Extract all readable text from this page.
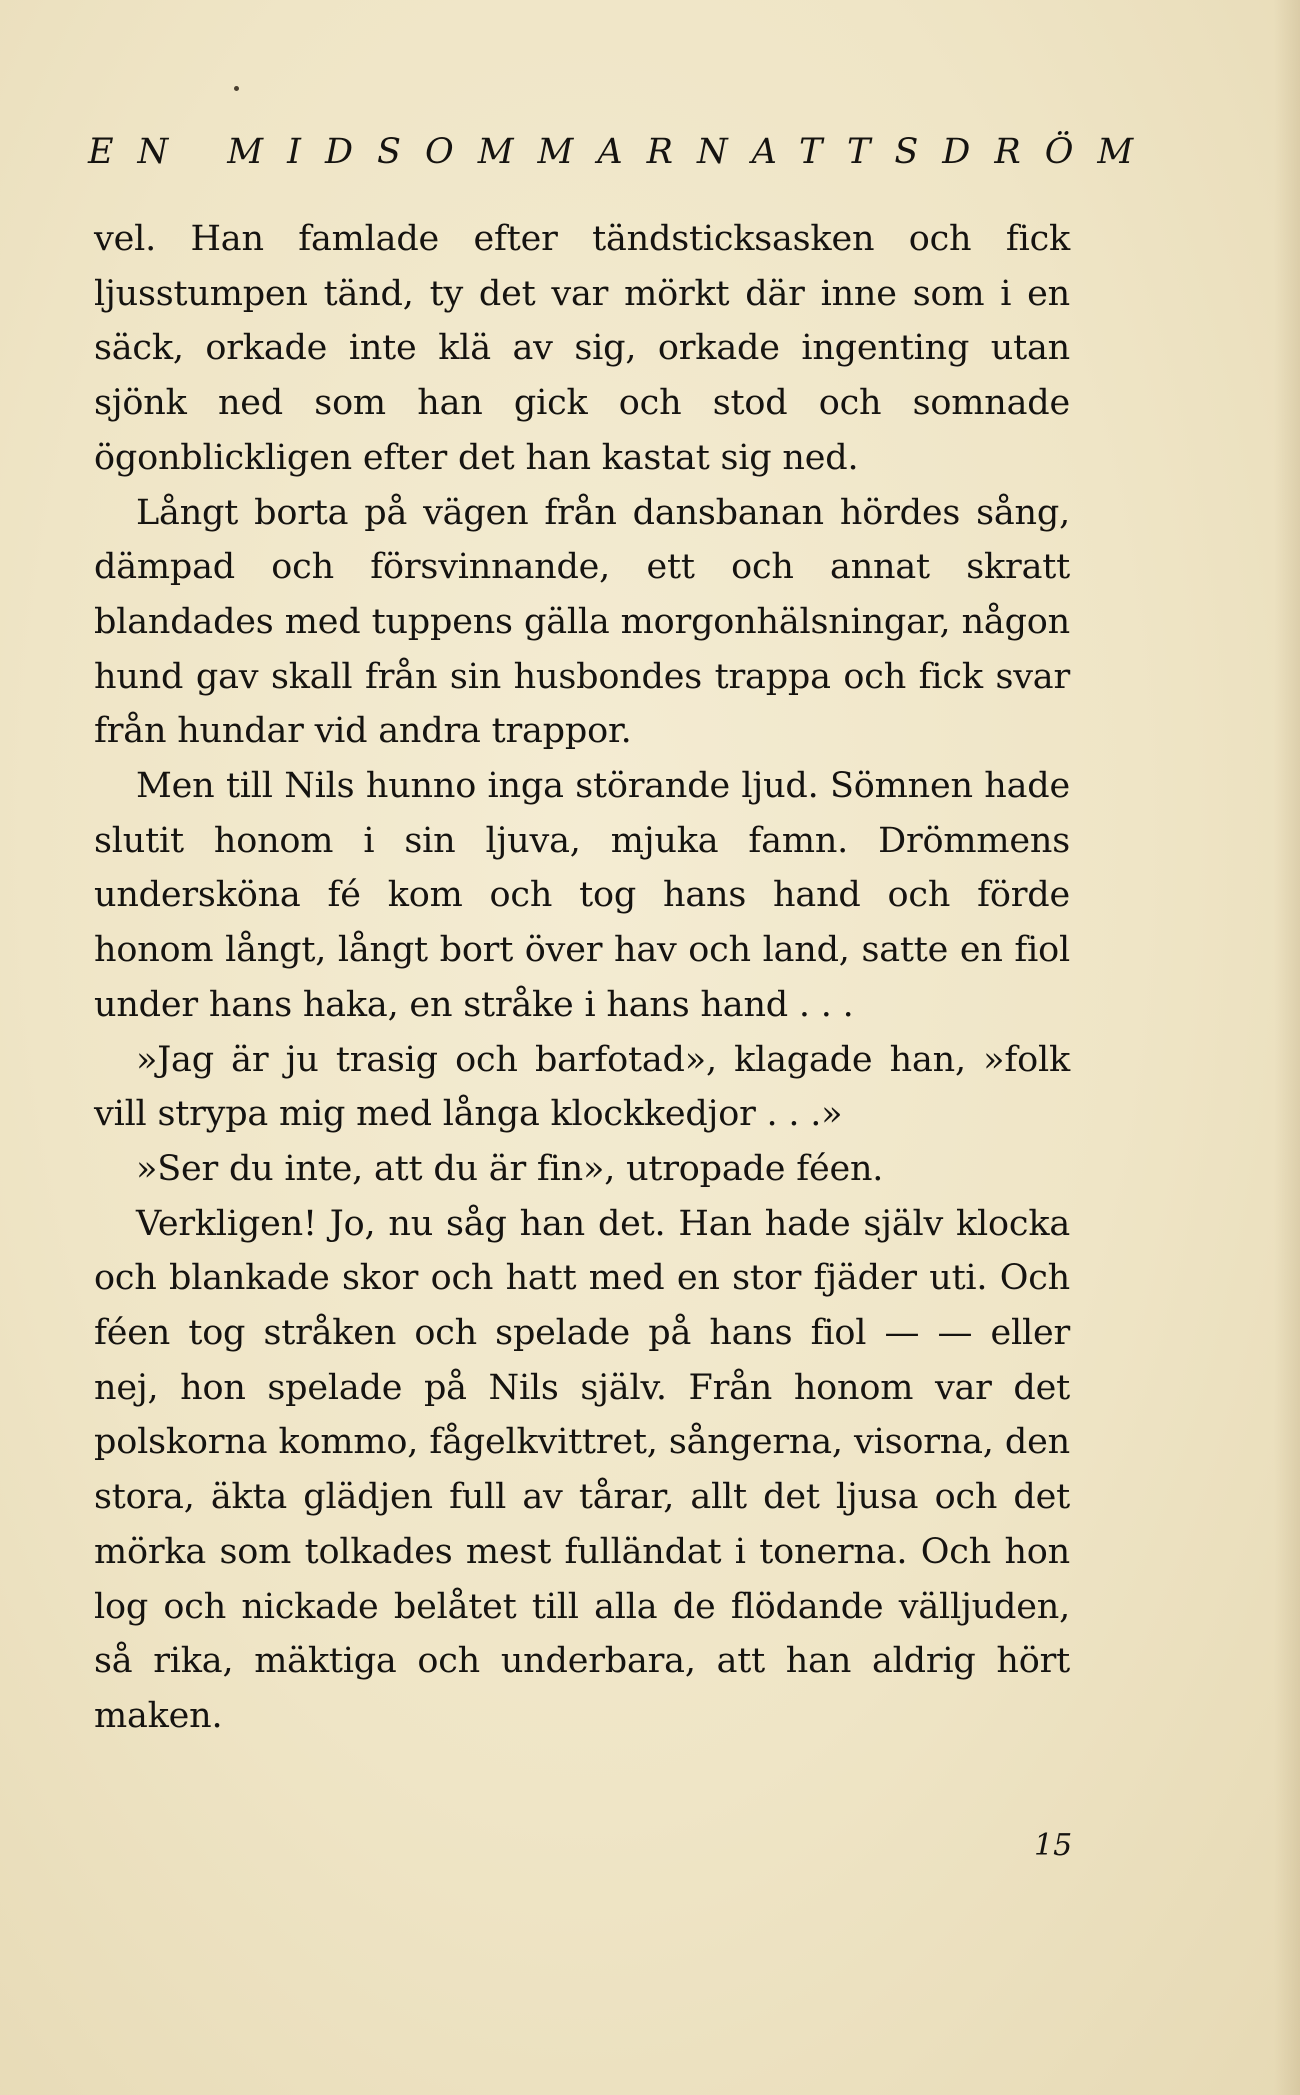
EN MIDSOMMARNATTSDRÖM

vel. Han famlade efter tändsticksasken och fick ljusstumpen tänd, ty det var mörkt där inne som i en säck, orkade inte klä av sig, orkade ingenting utan sjönk ned som han gick och stod och somnade ögonblickligen efter det han kastat sig ned.

Långt borta på vägen från dansbanan hördes sång, dämpad och försvinnande, ett och annat skratt blandades med tuppens gälla morgonhälsningar, någon hund gav skall från sin husbondes trappa och fick svar från hundar vid andra trappor.

Men till Nils hunno inga störande ljud. Sömnen hade slutit honom i sin ljuva, mjuka famn. Drömmens undersköna fé kom och tog hans hand och förde honom långt, långt bort över hav och land, satte en fiol under hans haka, en stråke i hans hand . . .

»Jag är ju trasig och barfotad», klagade han, »folk vill strypa mig med långa klockkedjor . . .»

»Ser du inte, att du är fin», utropade féen.

Verkligen! Jo, nu såg han det. Han hade själv klocka och blankade skor och hatt med en stor fjäder uti. Och féen tog stråken och spelade på hans fiol — — eller nej, hon spelade på Nils själv. Från honom var det polskorna kommo, fågelkvittret, sångerna, visorna, den stora, äkta glädjen full av tårar, allt det ljusa och det mörka som tolkades mest fulländat i tonerna. Och hon log och nickade belåtet till alla de flödande välljuden, så rika, mäktiga och underbara, att han aldrig hört maken.

15
